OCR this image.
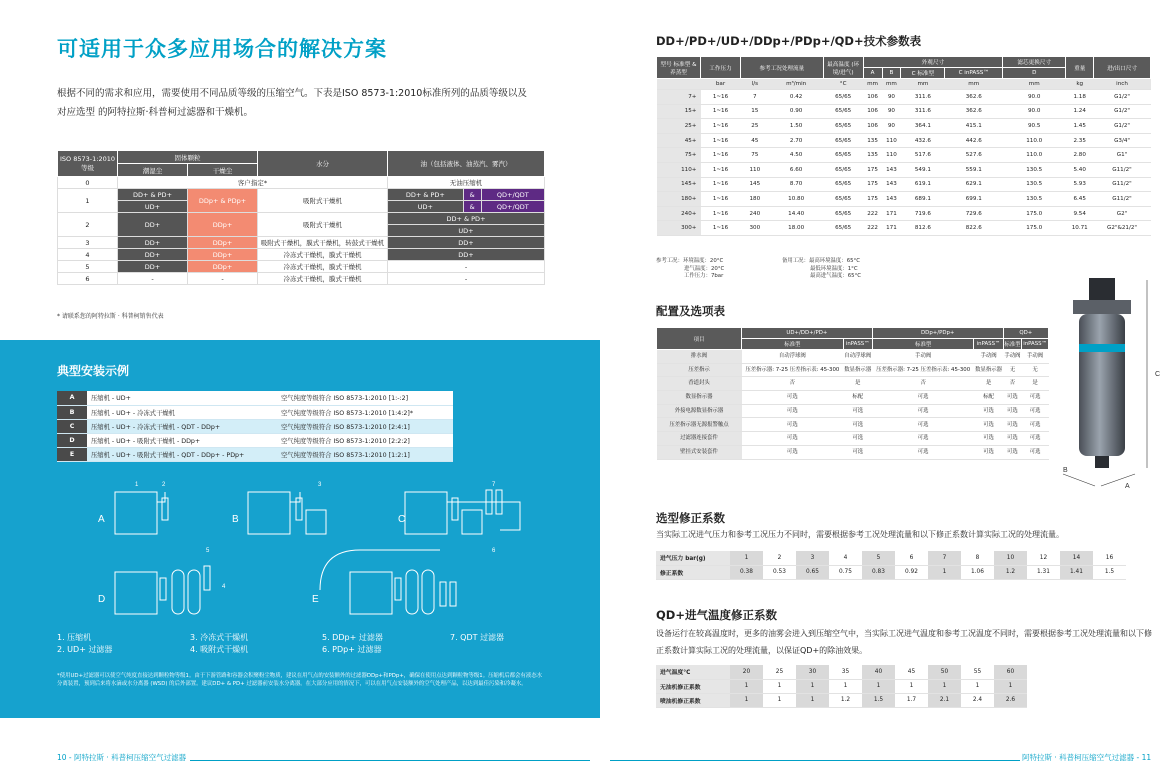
可适用于众多应用场合的解决方案

根据不同的需求和应用，需要使用不同品质等级的压缩空气。下表是ISO 8573-1:2010标准所列的品质等级以及对应选型 的阿特拉斯·科普柯过滤器和干燥机。

ISO 8573-1:2010 等级	固体颗粒		水分	油（包括液体、油蒸汽、雾汽）		
	潮湿尘	干燥尘				
0	客户指定*			无油压缩机		
1	DD+ & PD+	DDp+ & PDp+	吸附式干燥机	DD+ & PD+	&	QD+/QDT
	UD+			UD+	&	QD+/QDT
2	DD+	DDp+	吸附式干燥机	DD+ & PD+		
				UD+		
3	DD+	DDp+	吸附式干燥机，膜式干燥机，转鼓式干燥机	DD+		
4	DD+	DDp+	冷冻式干燥机，膜式干燥机	DD+		
5	DD+	DDp+	冷冻式干燥机，膜式干燥机	-		
6	-	-	冷冻式干燥机，膜式干燥机	-		
* 请联系您的阿特拉斯 · 科普柯销售代表
典型安装示例
A	压缩机 - UD+	空气纯度等级符合 ISO 8573-1:2010 [1:-:2]
B	压缩机 - UD+ - 冷冻式干燥机	空气纯度等级符合 ISO 8573-1:2010 [1:4:2]*
C	压缩机 - UD+ - 冷冻式干燥机 - QDT - DDp+	空气纯度等级符合 ISO 8573-1:2010 [2:4:1]
D	压缩机 - UD+ - 吸附式干燥机 - DDp+	空气纯度等级符合 ISO 8573-1:2010 [2:2:2]
E	压缩机 - UD+ - 吸附式干燥机 - QDT - DDp+ - PDp+	空气纯度等级符合 ISO 8573-1:2010 [1:2:1]
A	B	C
D	E
1	2	3
4
5	6
7
1. 压缩机
2. UD+ 过滤器
3. 冷冻式干燥机
4. 吸附式干燥机
5. DDp+ 过滤器
6. PDp+ 过滤器
7. QDT 过滤器
*使用UD+过滤器可以使空气纯度直接达到颗粒物等级1。由于下游管路和容器会积聚粉尘物质，建议在用气点的安装额外的过滤器DDp+和PDp+，确保在使用点达到颗粒物等级1。压缩机后都会有液态水分离装置，预到后来将水滴或水分离器 (WSD) 的后外部置。建议DD+ & PD+ 过滤器前安装水分离器。在大部分应用的情况下，可以在用气点安装额外的空气处理产品，以达到最佳污染和冷凝水。
10 - 阿特拉斯 · 科普柯压缩空气过滤器
DD+/PD+/UD+/DDp+/PDp+/QD+技术参数表
型号 标准型 & 养蒸型	工作压力	参考工况处理流量		最高温度 (环境/进气)	外观尺寸				滤芯更换尺寸	重量	进/出口尺寸
					A	B	C 标准型	C inPASS™	D		
	bar	l/s	m³/min	°C	mm	mm	mm	mm	mm	kg	inch
7+	1~16	7	0.42	65/65	106	90	311.6	362.6	90.0	1.18	G1/2"
15+	1~16	15	0.90	65/65	106	90	311.6	362.6	90.0	1.24	G1/2"
25+	1~16	25	1.50	65/65	106	90	364.1	415.1	90.5	1.45	G1/2"
45+	1~16	45	2.70	65/65	135	110	432.6	442.6	110.0	2.35	G3/4"
75+	1~16	75	4.50	65/65	135	110	517.6	527.6	110.0	2.80	G1"
110+	1~16	110	6.60	65/65	175	143	549.1	559.1	130.5	5.40	G11/2"
145+	1~16	145	8.70	65/65	175	143	619.1	629.1	130.5	5.93	G11/2"
180+	1~16	180	10.80	65/65	175	143	689.1	699.1	130.5	6.45	G11/2"
240+	1~16	240	14.40	65/65	222	171	719.6	729.6	175.0	9.54	G2"
300+	1~16	300	18.00	65/65	222	171	812.6	822.6	175.0	10.71	G2"&21/2"
参考工况：环境温度：20°C
进气温度：20°C
工作压力：7bar
备用工况：最高环境温度：65°C
最低环境温度：1°C
最高进气温度：65°C
配置及选项表
项目	UD+/DD+/PD+		DDp+/PDp+		QD+	
	标准型	inPASS™	标准型	inPASS™	标准型	inPASS™
排水阀	自动浮球阀	自动浮球阀	手动阀	手动阀	手动阀	手动阀
压差指示	压差指示器: 7-25 压差指示表: 45-300	数显指示器	压差指示器: 7-25 压差指示表: 45-300	数显指示器	无	无
香道封头	否	是	否	是	否	是
数显指示器	可选	标配	可选	标配	可选	可选
外接电源数显指示器	可选	可选	可选	可选	可选	可选
压差指示器无源报警触点	可选	可选	可选	可选	可选	可选
过滤器连接套件	可选	可选	可选	可选	可选	可选
壁挂式安装套件	可选	可选	可选	可选	可选	可选
C
B
A
选型修正系数
当实际工况进气压力和参考工况压力不同时，需要根据参考工况处理流量和以下修正系数计算实际工况的处理流量。
进气压力 bar(g)	1	2	3	4	5	6	7	8	10	12	14	16
修正系数	0.38	0.53	0.65	0.75	0.83	0.92	1	1.06	1.2	1.31	1.41	1.5
QD+进气温度修正系数
设备运行在较高温度时，更多的油雾会进入到压缩空气中，当实际工况进气温度和参考工况温度不同时，需要根据参考工况处理流量和以下修正系数计算实际工况的处理流量，以保证QD+的除油效果。
进气温度°C	20	25	30	35	40	45	50	55	60
无油机修正系数	1	1	1	1	1	1	1	1	1
喷油机修正系数	1	1	1	1.2	1.5	1.7	2.1	2.4	2.6
阿特拉斯 · 科普柯压缩空气过滤器 - 11
